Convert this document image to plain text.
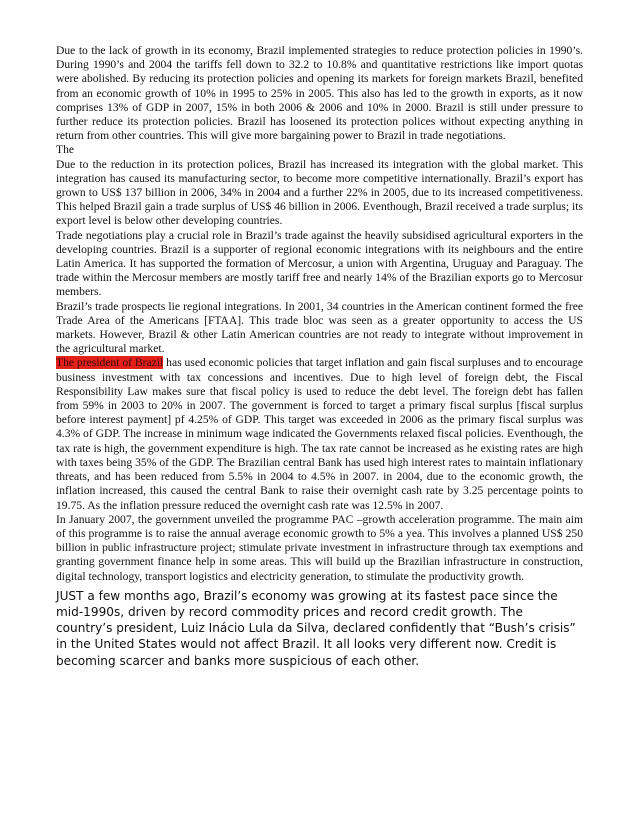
Due to the lack of growth in its economy, Brazil implemented strategies to reduce protection policies in 1990’s. During 1990’s and 2004 the tariffs fell down to 32.2 to 10.8% and quantitative restrictions like import quotas were abolished. By reducing its protection policies and opening its markets for foreign markets Brazil, benefited from an economic growth of 10% in 1995 to 25% in 2005. This also has led to the growth in exports, as it now comprises 13% of GDP in 2007, 15% in both 2006 & 2006 and 10% in 2000. Brazil is still under pressure to further reduce its protection policies. Brazil has loosened its protection polices without expecting anything in return from other countries. This will give more bargaining power to Brazil in trade negotiations.

The

Due to the reduction in its protection polices, Brazil has increased its integration with the global market. This integration has caused its manufacturing sector, to become more competitive internationally. Brazil’s export has grown to US$ 137 billion in 2006, 34% in 2004 and a further 22% in 2005, due to its increased competitiveness. This helped Brazil gain a trade surplus of US$ 46 billion in 2006. Eventhough, Brazil received a trade surplus; its export level is below other developing countries.

Trade negotiations play a crucial role in Brazil’s trade against the heavily subsidised agricultural exporters in the developing countries. Brazil is a supporter of regional economic integrations with its neighbours and the entire Latin America. It has supported the formation of Mercosur, a union with Argentina, Uruguay and Paraguay. The trade within the Mercosur members are mostly tariff free and nearly 14% of the Brazilian exports go to Mercosur members.

Brazil’s trade prospects lie regional integrations. In 2001, 34 countries in the American continent formed the free Trade Area of the Americans [FTAA]. This trade bloc was seen as a greater opportunity to access the US markets. However, Brazil & other Latin American countries are not ready to integrate without improvement in the agricultural market.

The president of Brazil has used economic policies that target inflation and gain fiscal surpluses and to encourage business investment with tax concessions and incentives. Due to high level of foreign debt, the Fiscal Responsibility Law makes sure that fiscal policy is used to reduce the debt level. The foreign debt has fallen from 59% in 2003 to 20% in 2007. The government is forced to target a primary fiscal surplus [fiscal surplus before interest payment] pf 4.25% of GDP. This target was exceeded in 2006 as the primary fiscal surplus was 4.3% of GDP. The increase in minimum wage indicated the Governments relaxed fiscal policies. Eventhough, the tax rate is high, the government expenditure is high. The tax rate cannot be increased as he existing rates are high with taxes being 35% of the GDP. The Brazilian central Bank has used high interest rates to maintain inflationary threats, and has been reduced from 5.5% in 2004 to 4.5% in 2007. in 2004, due to the economic growth, the inflation increased, this caused the central Bank to raise their overnight cash rate by 3.25 percentage points to 19.75. As the inflation pressure reduced the overnight cash rate was 12.5% in 2007.

In January 2007, the government unveiled the programme PAC –growth acceleration programme. The main aim of this programme is to raise the annual average economic growth to 5% a yea. This involves a planned US$ 250 billion in public infrastructure project; stimulate private investment in infrastructure through tax exemptions and granting government finance help in some areas. This will build up the Brazilian infrastructure in construction, digital technology, transport logistics and electricity generation, to stimulate the productivity growth.

JUST a few months ago, Brazil’s economy was growing at its fastest pace since the mid-1990s, driven by record commodity prices and record credit growth. The country’s president, Luiz Inácio Lula da Silva, declared confidently that “Bush’s crisis” in the United States would not affect Brazil. It all looks very different now. Credit is becoming scarcer and banks more suspicious of each other.
